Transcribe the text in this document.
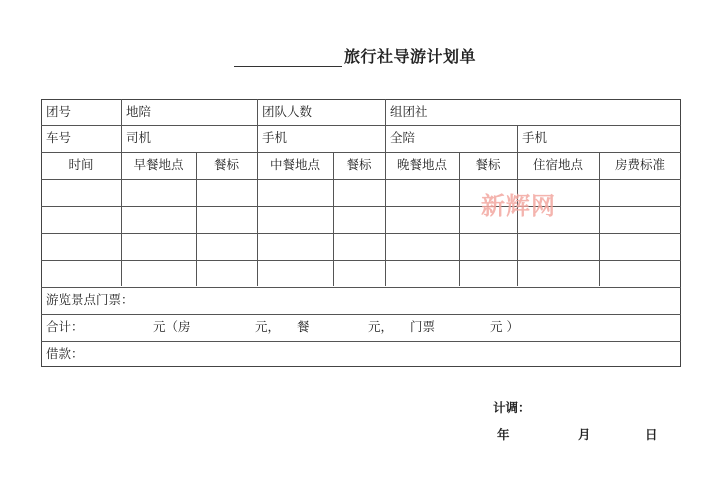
旅行社导游计划单
团号	地陪	团队人数	组团社
车号	司机	手机	全陪	手机
时间	早餐地点	餐标	中餐地点	餐标	晚餐地点	餐标	住宿地点	房费标准
游览景点门票：
合计：	元（房	元， 餐	元， 门票	元 ）
借款：
新辉网
计调：
年	月	日
